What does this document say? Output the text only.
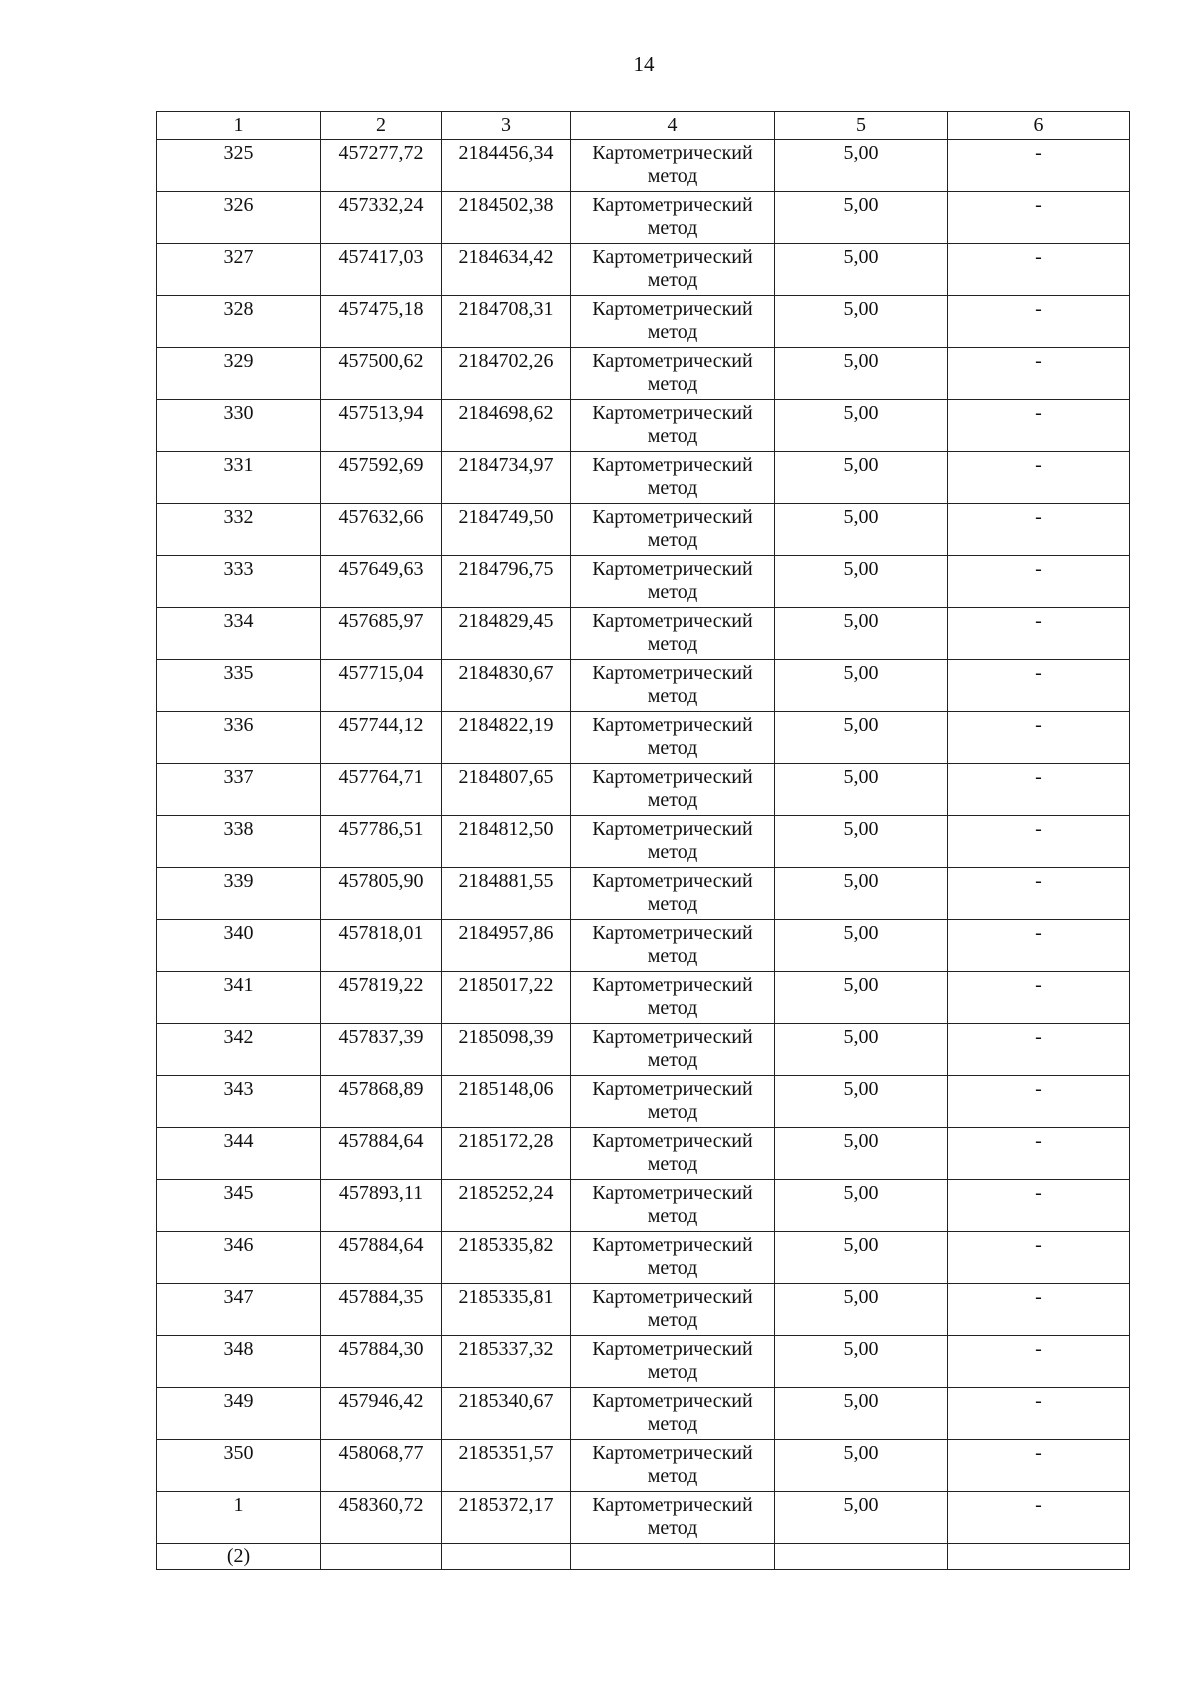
14
1	2	3	4	5	6

325	457277,72	2184456,34	Картометрический метод	5,00	-

326	457332,24	2184502,38	Картометрический метод	5,00	-

327	457417,03	2184634,42	Картометрический метод	5,00	-

328	457475,18	2184708,31	Картометрический метод	5,00	-

329	457500,62	2184702,26	Картометрический метод	5,00	-

330	457513,94	2184698,62	Картометрический метод	5,00	-

331	457592,69	2184734,97	Картометрический метод	5,00	-

332	457632,66	2184749,50	Картометрический метод	5,00	-

333	457649,63	2184796,75	Картометрический метод	5,00	-

334	457685,97	2184829,45	Картометрический метод	5,00	-

335	457715,04	2184830,67	Картометрический метод	5,00	-

336	457744,12	2184822,19	Картометрический метод	5,00	-

337	457764,71	2184807,65	Картометрический метод	5,00	-

338	457786,51	2184812,50	Картометрический метод	5,00	-

339	457805,90	2184881,55	Картометрический метод	5,00	-

340	457818,01	2184957,86	Картометрический метод	5,00	-

341	457819,22	2185017,22	Картометрический метод	5,00	-

342	457837,39	2185098,39	Картометрический метод	5,00	-

343	457868,89	2185148,06	Картометрический метод	5,00	-

344	457884,64	2185172,28	Картометрический метод	5,00	-

345	457893,11	2185252,24	Картометрический метод	5,00	-

346	457884,64	2185335,82	Картометрический метод	5,00	-

347	457884,35	2185335,81	Картометрический метод	5,00	-

348	457884,30	2185337,32	Картометрический метод	5,00	-

349	457946,42	2185340,67	Картометрический метод	5,00	-

350	458068,77	2185351,57	Картометрический метод	5,00	-

1	458360,72	2185372,17	Картометрический метод	5,00	-

(2)					
